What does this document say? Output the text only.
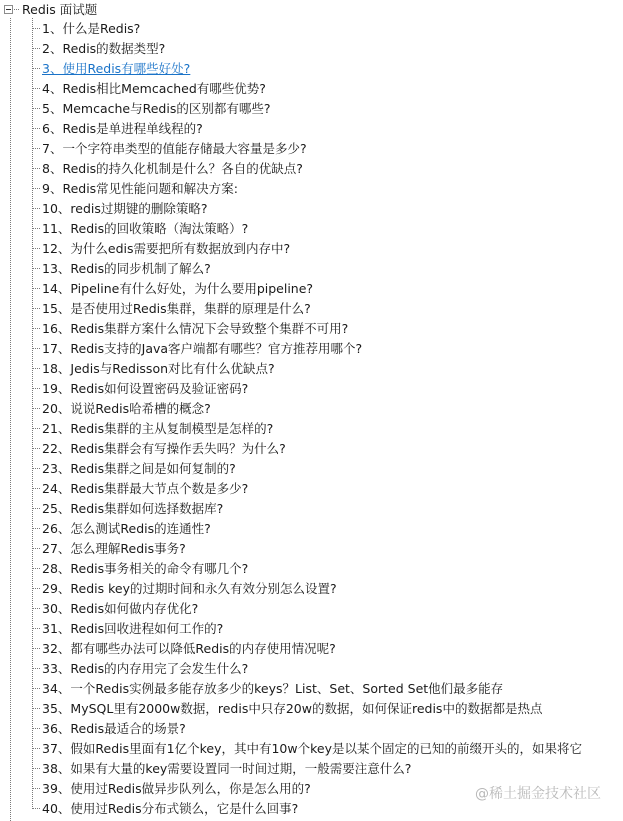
Redis 面试题
1、什么是Redis?
2、Redis的数据类型?
3、使用Redis有哪些好处?
4、Redis相比Memcached有哪些优势?
5、Memcache与Redis的区别都有哪些?
6、Redis是单进程单线程的?
7、一个字符串类型的值能存储最大容量是多少?
8、Redis的持久化机制是什么？各自的优缺点?
9、Redis常见性能问题和解决方案:
10、redis过期键的删除策略?
11、Redis的回收策略（淘汰策略）?
12、为什么edis需要把所有数据放到内存中?
13、Redis的同步机制了解么?
14、Pipeline有什么好处，为什么要用pipeline?
15、是否使用过Redis集群，集群的原理是什么?
16、Redis集群方案什么情况下会导致整个集群不可用?
17、Redis支持的Java客户端都有哪些？官方推荐用哪个?
18、Jedis与Redisson对比有什么优缺点?
19、Redis如何设置密码及验证密码?
20、说说Redis哈希槽的概念?
21、Redis集群的主从复制模型是怎样的?
22、Redis集群会有写操作丢失吗？为什么?
23、Redis集群之间是如何复制的?
24、Redis集群最大节点个数是多少?
25、Redis集群如何选择数据库?
26、怎么测试Redis的连通性?
27、怎么理解Redis事务?
28、Redis事务相关的命令有哪几个?
29、Redis key的过期时间和永久有效分别怎么设置?
30、Redis如何做内存优化?
31、Redis回收进程如何工作的?
32、都有哪些办法可以降低Redis的内存使用情况呢?
33、Redis的内存用完了会发生什么?
34、一个Redis实例最多能存放多少的keys？List、Set、Sorted Set他们最多能存
35、MySQL里有2000w数据，redis中只存20w的数据，如何保证redis中的数据都是热点
36、Redis最适合的场景?
37、假如Redis里面有1亿个key，其中有10w个key是以某个固定的已知的前缀开头的，如果将它
38、如果有大量的key需要设置同一时间过期，一般需要注意什么?
39、使用过Redis做异步队列么，你是怎么用的?
40、使用过Redis分布式锁么，它是什么回事?
@稀土掘金技术社区
